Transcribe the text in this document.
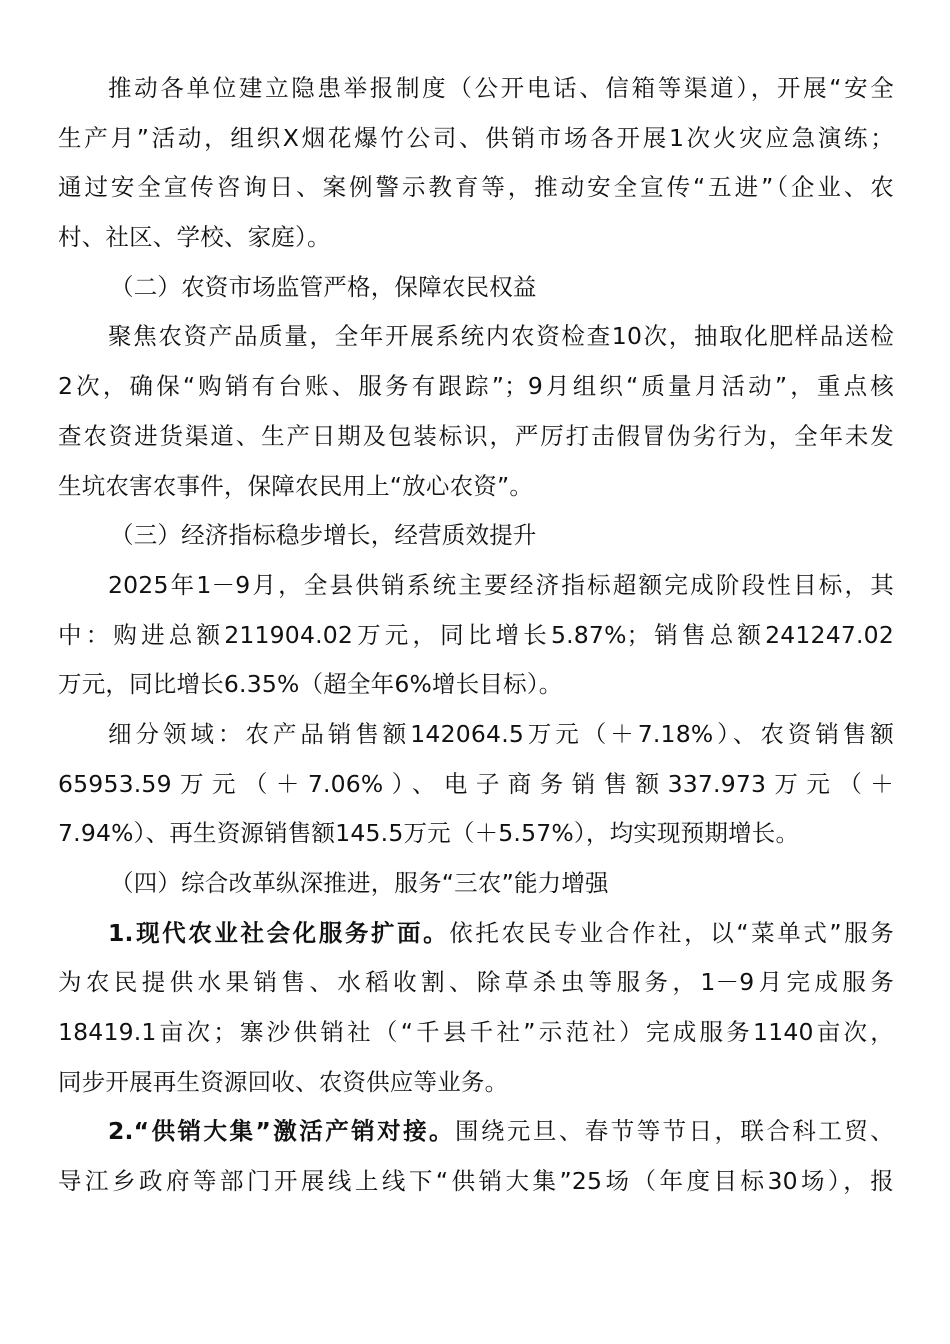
推动各单位建立隐患举报制度（公开电话、信箱等渠道），开展“安全
生产月”活动，组织X烟花爆竹公司、供销市场各开展1次火灾应急演练；
通过安全宣传咨询日、案例警示教育等，推动安全宣传“五进”（企业、农
村、社区、学校、家庭）。
（二）农资市场监管严格，保障农民权益
聚焦农资产品质量，全年开展系统内农资检查10次，抽取化肥样品送检
2次，确保“购销有台账、服务有跟踪”；9月组织“质量月活动”，重点核
查农资进货渠道、生产日期及包装标识，严厉打击假冒伪劣行为，全年未发
生坑农害农事件，保障农民用上“放心农资”。
（三）经济指标稳步增长，经营质效提升
2025年1－9月，全县供销系统主要经济指标超额完成阶段性目标，其
中：购进总额211904.02万元，同比增长5.87%；销售总额241247.02
万元，同比增长6.35%（超全年6%增长目标）。
细分领域：农产品销售额142064.5万元（＋7.18%）、农资销售额
65953.59万元（＋7.06%）、电子商务销售额337.973万元（＋
7.94%）、再生资源销售额145.5万元（＋5.57%），均实现预期增长。
（四）综合改革纵深推进，服务“三农”能力增强
1.现代农业社会化服务扩面。依托农民专业合作社，以“菜单式”服务
为农民提供水果销售、水稻收割、除草杀虫等服务，1－9月完成服务
18419.1亩次；寨沙供销社（“千县千社”示范社）完成服务1140亩次，
同步开展再生资源回收、农资供应等业务。
2.“供销大集”激活产销对接。围绕元旦、春节等节日，联合科工贸、
导江乡政府等部门开展线上线下“供销大集”25场（年度目标30场），报
